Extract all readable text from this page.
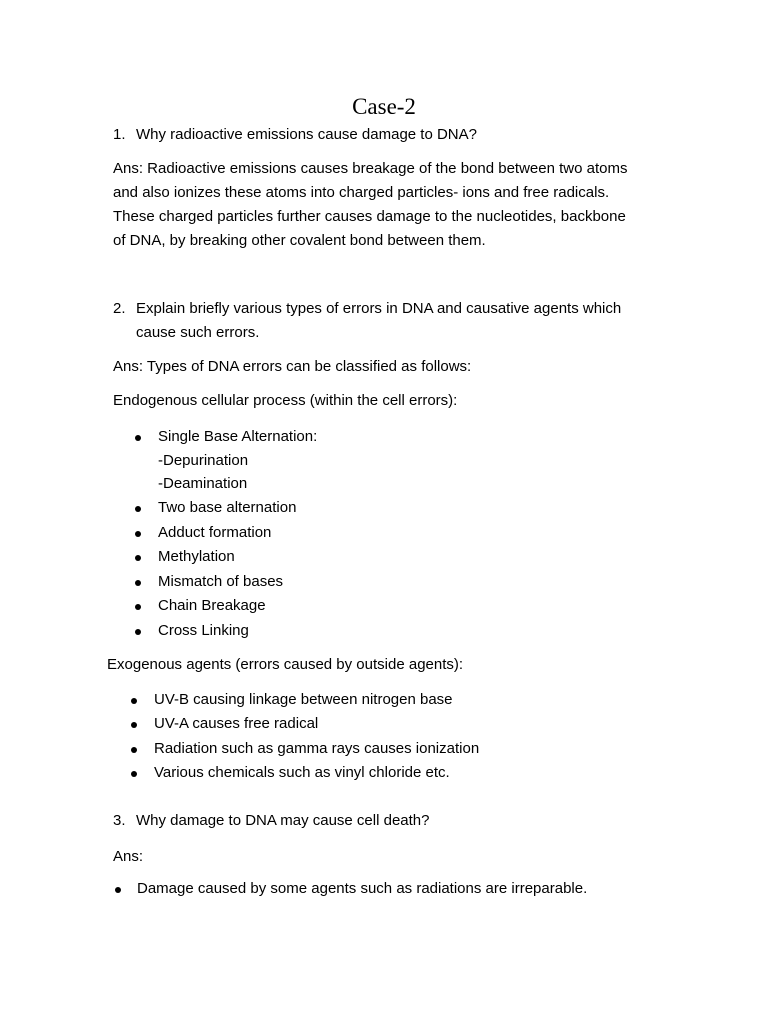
Case-2
1. Why radioactive emissions cause damage to DNA?
Ans: Radioactive emissions causes breakage of the bond between two atoms
and also ionizes these atoms into charged particles- ions and free radicals.
These charged particles further causes damage to the nucleotides, backbone
of DNA, by breaking other covalent bond between them.
2. Explain briefly various types of errors in DNA and causative agents which
cause such errors.
Ans: Types of DNA errors can be classified as follows:
Endogenous cellular process (within the cell errors):
Single Base Alternation:
-Depurination
-Deamination
Two base alternation
Adduct formation
Methylation
Mismatch of bases
Chain Breakage
Cross Linking
Exogenous agents (errors caused by outside agents):
UV-B causing linkage between nitrogen base
UV-A causes free radical
Radiation such as gamma rays causes ionization
Various chemicals such as vinyl chloride etc.
3. Why damage to DNA may cause cell death?
Ans:
Damage caused by some agents such as radiations are irreparable.
